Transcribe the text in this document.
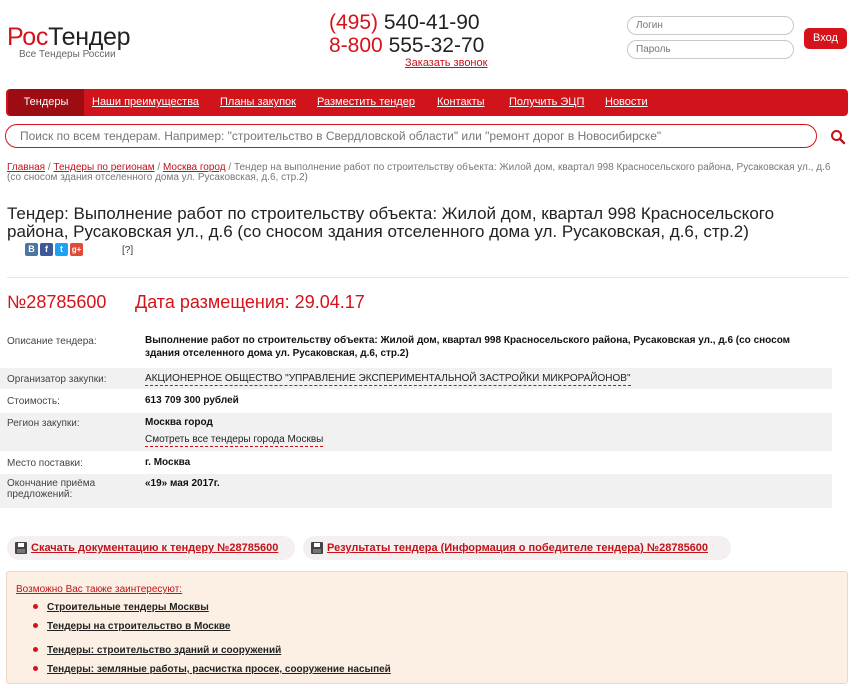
РосТендер
Все Тендеры России
(495) 540-41-90
8-800 555-32-70
Заказать звонок
Логин
Пароль
Вход
Тендеры	Наши преимущества Планы закупок Разместить тендер Контакты Получить ЭЦП Новости
Поиск по всем тендерам. Например: "строительство в Свердловской области" или "ремонт дорог в Новосибирске"
Главная / Тендеры по регионам / Москва город / Тендер на выполнение работ по строительству объекта: Жилой дом, квартал 998 Красносельского района, Русаковская ул., д.6 (со сносом здания отселенного дома ул. Русаковская, д.6, стр.2)
Тендер: Выполнение работ по строительству объекта: Жилой дом, квартал 998 Красносельского района, Русаковская ул., д.6 (со сносом здания отселенного дома ул. Русаковская, д.6, стр.2)
В	f	t	g+	[?]
№28785600 Дата размещения: 29.04.17
Описание тендера:	Выполнение работ по строительству объекта: Жилой дом, квартал 998 Красносельского района, Русаковская ул., д.6 (со сносом здания отселенного дома ул. Русаковская, д.6, стр.2)
Организатор закупки:	АКЦИОНЕРНОЕ ОБЩЕСТВО "УПРАВЛЕНИЕ ЭКСПЕРИМЕНТАЛЬНОЙ ЗАСТРОЙКИ МИКРОРАЙОНОВ"
Стоимость:	613 709 300 рублей
Регион закупки:	Москва город
Смотреть все тендеры города Москвы
Место поставки:	г. Москва
Окончание приёма предложений:
«19» мая 2017г.
Скачать документацию к тендеру №28785600	Результаты тендера (Информация о победителе тендера) №28785600
Возможно Вас также заинтересуют:
Строительные тендеры Москвы
Тендеры на строительство в Москве
Тендеры: строительство зданий и сооружений
Тендеры: земляные работы, расчистка просек, сооружение насыпей
